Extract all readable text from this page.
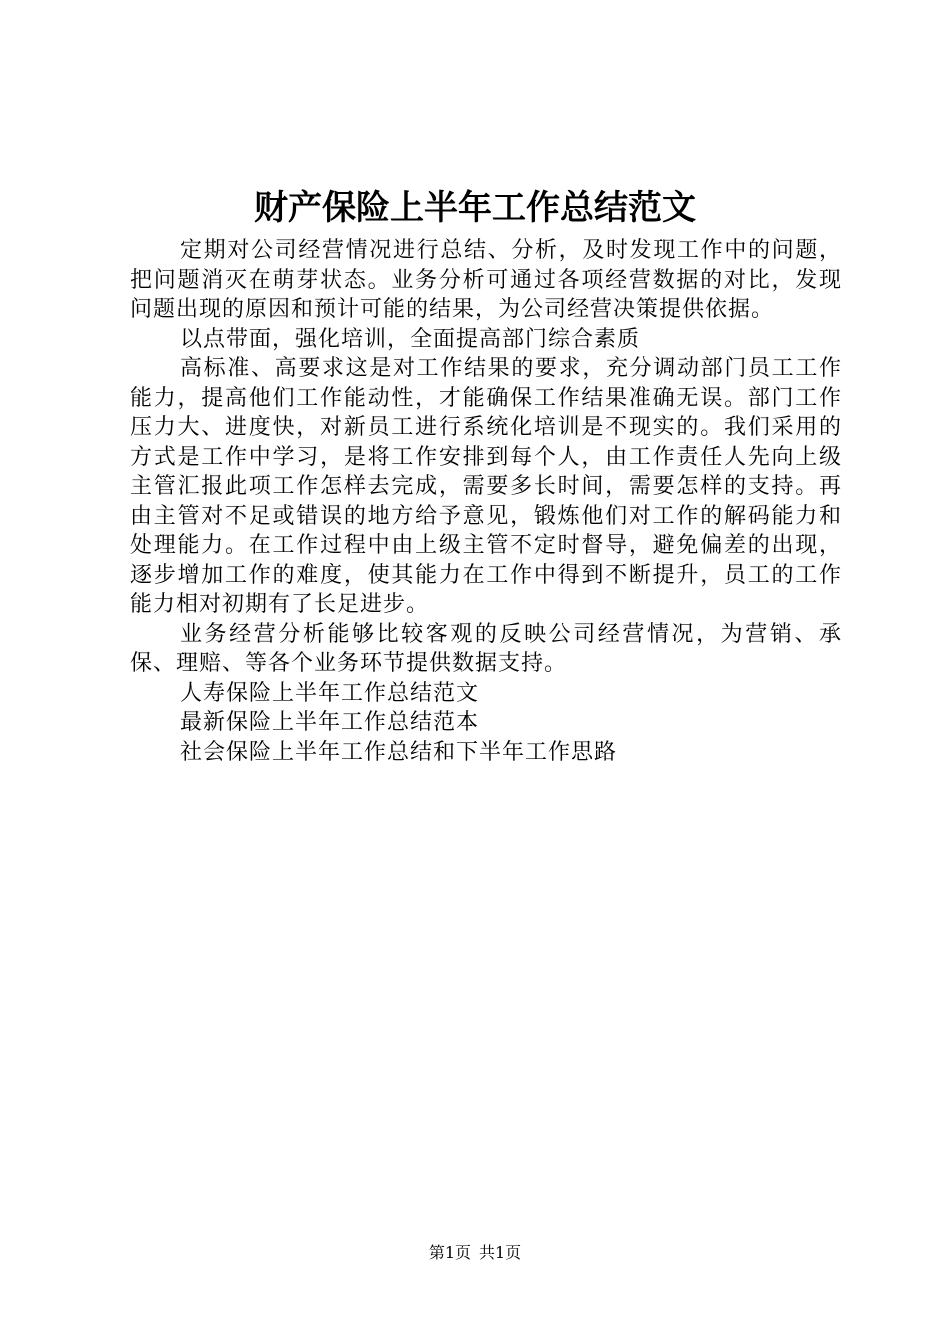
财产保险上半年工作总结范文

定期对公司经营情况进行总结、分析，及时发现工作中的问题，把问题消灭在萌芽状态。业务分析可通过各项经营数据的对比，发现问题出现的原因和预计可能的结果，为公司经营决策提供依据。

以点带面，强化培训，全面提高部门综合素质

高标准、高要求这是对工作结果的要求，充分调动部门员工工作能力，提高他们工作能动性，才能确保工作结果准确无误。部门工作压力大、进度快，对新员工进行系统化培训是不现实的。我们采用的方式是工作中学习，是将工作安排到每个人，由工作责任人先向上级主管汇报此项工作怎样去完成，需要多长时间，需要怎样的支持。再由主管对不足或错误的地方给予意见，锻炼他们对工作的解码能力和处理能力。在工作过程中由上级主管不定时督导，避免偏差的出现，逐步增加工作的难度，使其能力在工作中得到不断提升，员工的工作能力相对初期有了长足进步。

业务经营分析能够比较客观的反映公司经营情况，为营销、承保、理赔、等各个业务环节提供数据支持。

人寿保险上半年工作总结范文

最新保险上半年工作总结范本

社会保险上半年工作总结和下半年工作思路

第1页 共1页
